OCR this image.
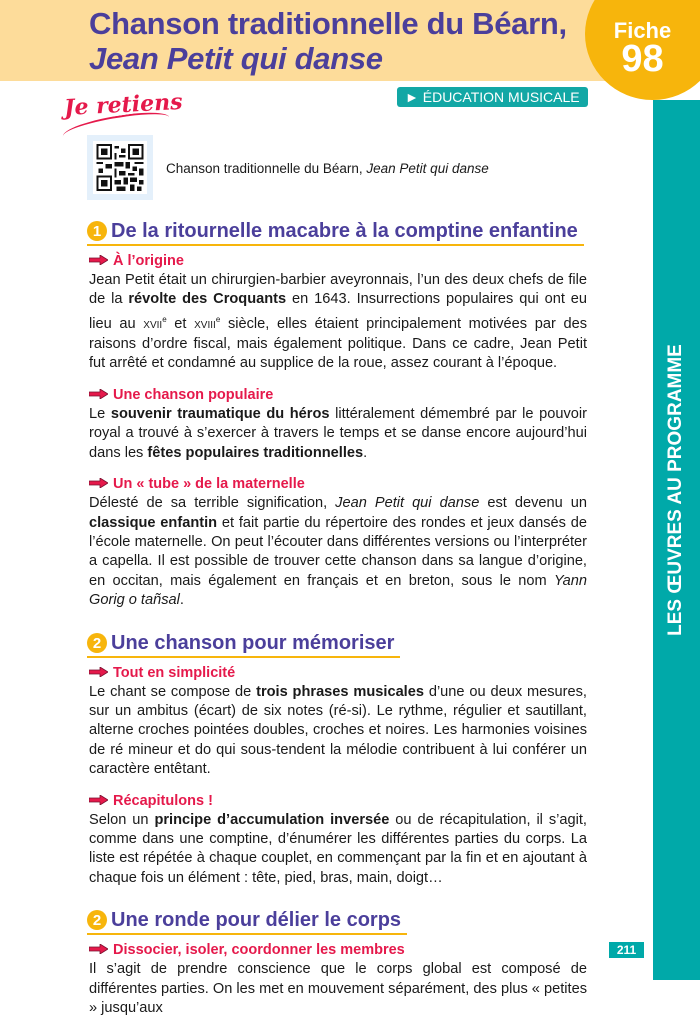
Chanson traditionnelle du Béarn,
Jean Petit qui danse
Fiche
98
LES ŒUVRES AU PROGRAMME
► ÉDUCATION MUSICALE
Je retiens
Chanson traditionnelle du Béarn, Jean Petit qui danse
1 De la ritournelle macabre à la comptine enfantine
À l’origine

Jean Petit était un chirurgien-barbier aveyronnais, l’un des deux chefs de file de la révolte des Croquants en 1643. Insurrections populaires qui ont eu lieu au XVIIe et XVIIIe siècle, elles étaient principalement motivées par des raisons d’ordre fiscal, mais également politique. Dans ce cadre, Jean Petit fut arrêté et condamné au supplice de la roue, assez courant à l’époque.

Une chanson populaire

Le souvenir traumatique du héros littéralement démembré par le pouvoir royal a trouvé à s’exercer à travers le temps et se danse encore aujourd’hui dans les fêtes populaires traditionnelles.

Un « tube » de la maternelle

Délesté de sa terrible signification, Jean Petit qui danse est devenu un classique enfantin et fait partie du répertoire des rondes et jeux dansés de l’école maternelle. On peut l’écouter dans différentes versions ou l’interpréter a capella. Il est possible de trouver cette chanson dans sa langue d’origine, en occitan, mais également en français et en breton, sous le nom Yann Gorig o tañsal.

2 Une chanson pour mémoriser
Tout en simplicité

Le chant se compose de trois phrases musicales d’une ou deux mesures, sur un ambitus (écart) de six notes (ré-si). Le rythme, régulier et sautillant, alterne croches pointées doubles, croches et noires. Les harmonies voisines de ré mineur et do qui sous-tendent la mélodie contribuent à lui conférer un caractère entêtant.

Récapitulons !

Selon un principe d’accumulation inversée ou de récapitulation, il s’agit, comme dans une comptine, d’énumérer les différentes parties du corps. La liste est répétée à chaque couplet, en commençant par la fin et en ajoutant à chaque fois un élément : tête, pied, bras, main, doigt…

2 Une ronde pour délier le corps
Dissocier, isoler, coordonner les membres

Il s’agit de prendre conscience que le corps global est composé de différentes parties. On les met en mouvement séparément, des plus « petites » jusqu’aux

211
